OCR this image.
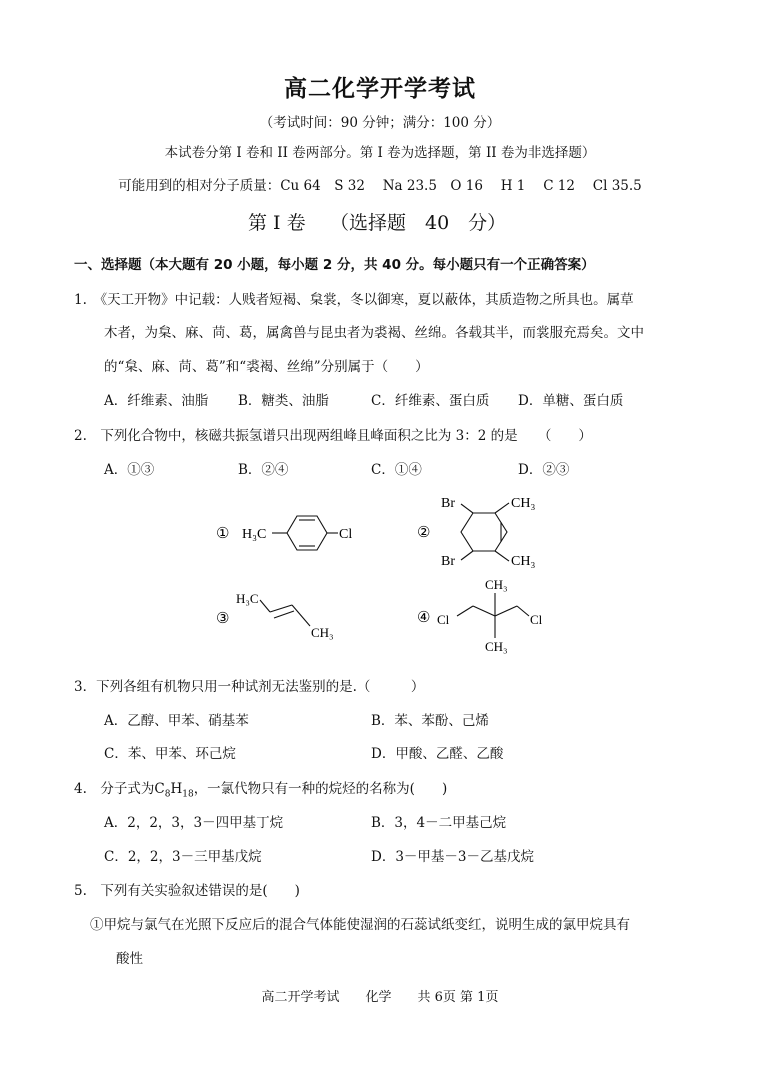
高二化学开学考试
（考试时间：90 分钟；满分：100 分）
本试卷分第 I 卷和 II 卷两部分。第 I 卷为选择题，第 II 卷为非选择题）
可能用到的相对分子质量：Cu 64　S 32　 Na 23.5　O 16　 H 1　 C 12　 Cl 35.5
第 I 卷 （选择题　40　分）
一、选择题（本大题有 20 小题，每小题 2 分，共 40 分。每小题只有一个正确答案）
1.　《天工开物》中记载：人贱者短褐、枲裳，冬以御寒，夏以蔽体，其质造物之所具也。属草
木者，为枲、麻、苘、葛，属禽兽与昆虫者为裘褐、丝绵。各载其半，而裳服充焉矣。文中
的“枲、麻、苘、葛”和“裘褐、丝绵”分别属于（　　）
A．纤维素、油脂 B．糖类、油脂	C．纤维素、蛋白质 D．单糖、蛋白质
2.　下列化合物中，核磁共振氢谱只出现两组峰且峰面积之比为 3：2 的是　　（　　）
A．①③	B．②④	C．①④	D．②③
① H₃C	Cl	②
Br
Br
CH₃
CH₃
③
H₃C
CH₃
④
CH₃
Cl	Cl
CH₃
3．下列各组有机物只用一种试剂无法鉴别的是.（　　　）
A．乙醇、甲苯、硝基苯	B．苯、苯酚、己烯
C．苯、甲苯、环己烷	D．甲酸、乙醛、乙酸
4.　分子式为$C_8H_{18}$，一氯代物只有一种的烷烃的名称为(　　)
A．2，2，3，3－四甲基丁烷	B．3，4－二甲基己烷
C．2，2，3－三甲基戊烷	D．3－甲基－3－乙基戊烷
5.　下列有关实验叙述错误的是(　　)
①甲烷与氯气在光照下反应后的混合气体能使湿润的石蕊试纸变红，说明生成的氯甲烷具有
酸性
高二开学考试　　化学　　共 6页 第 1页
